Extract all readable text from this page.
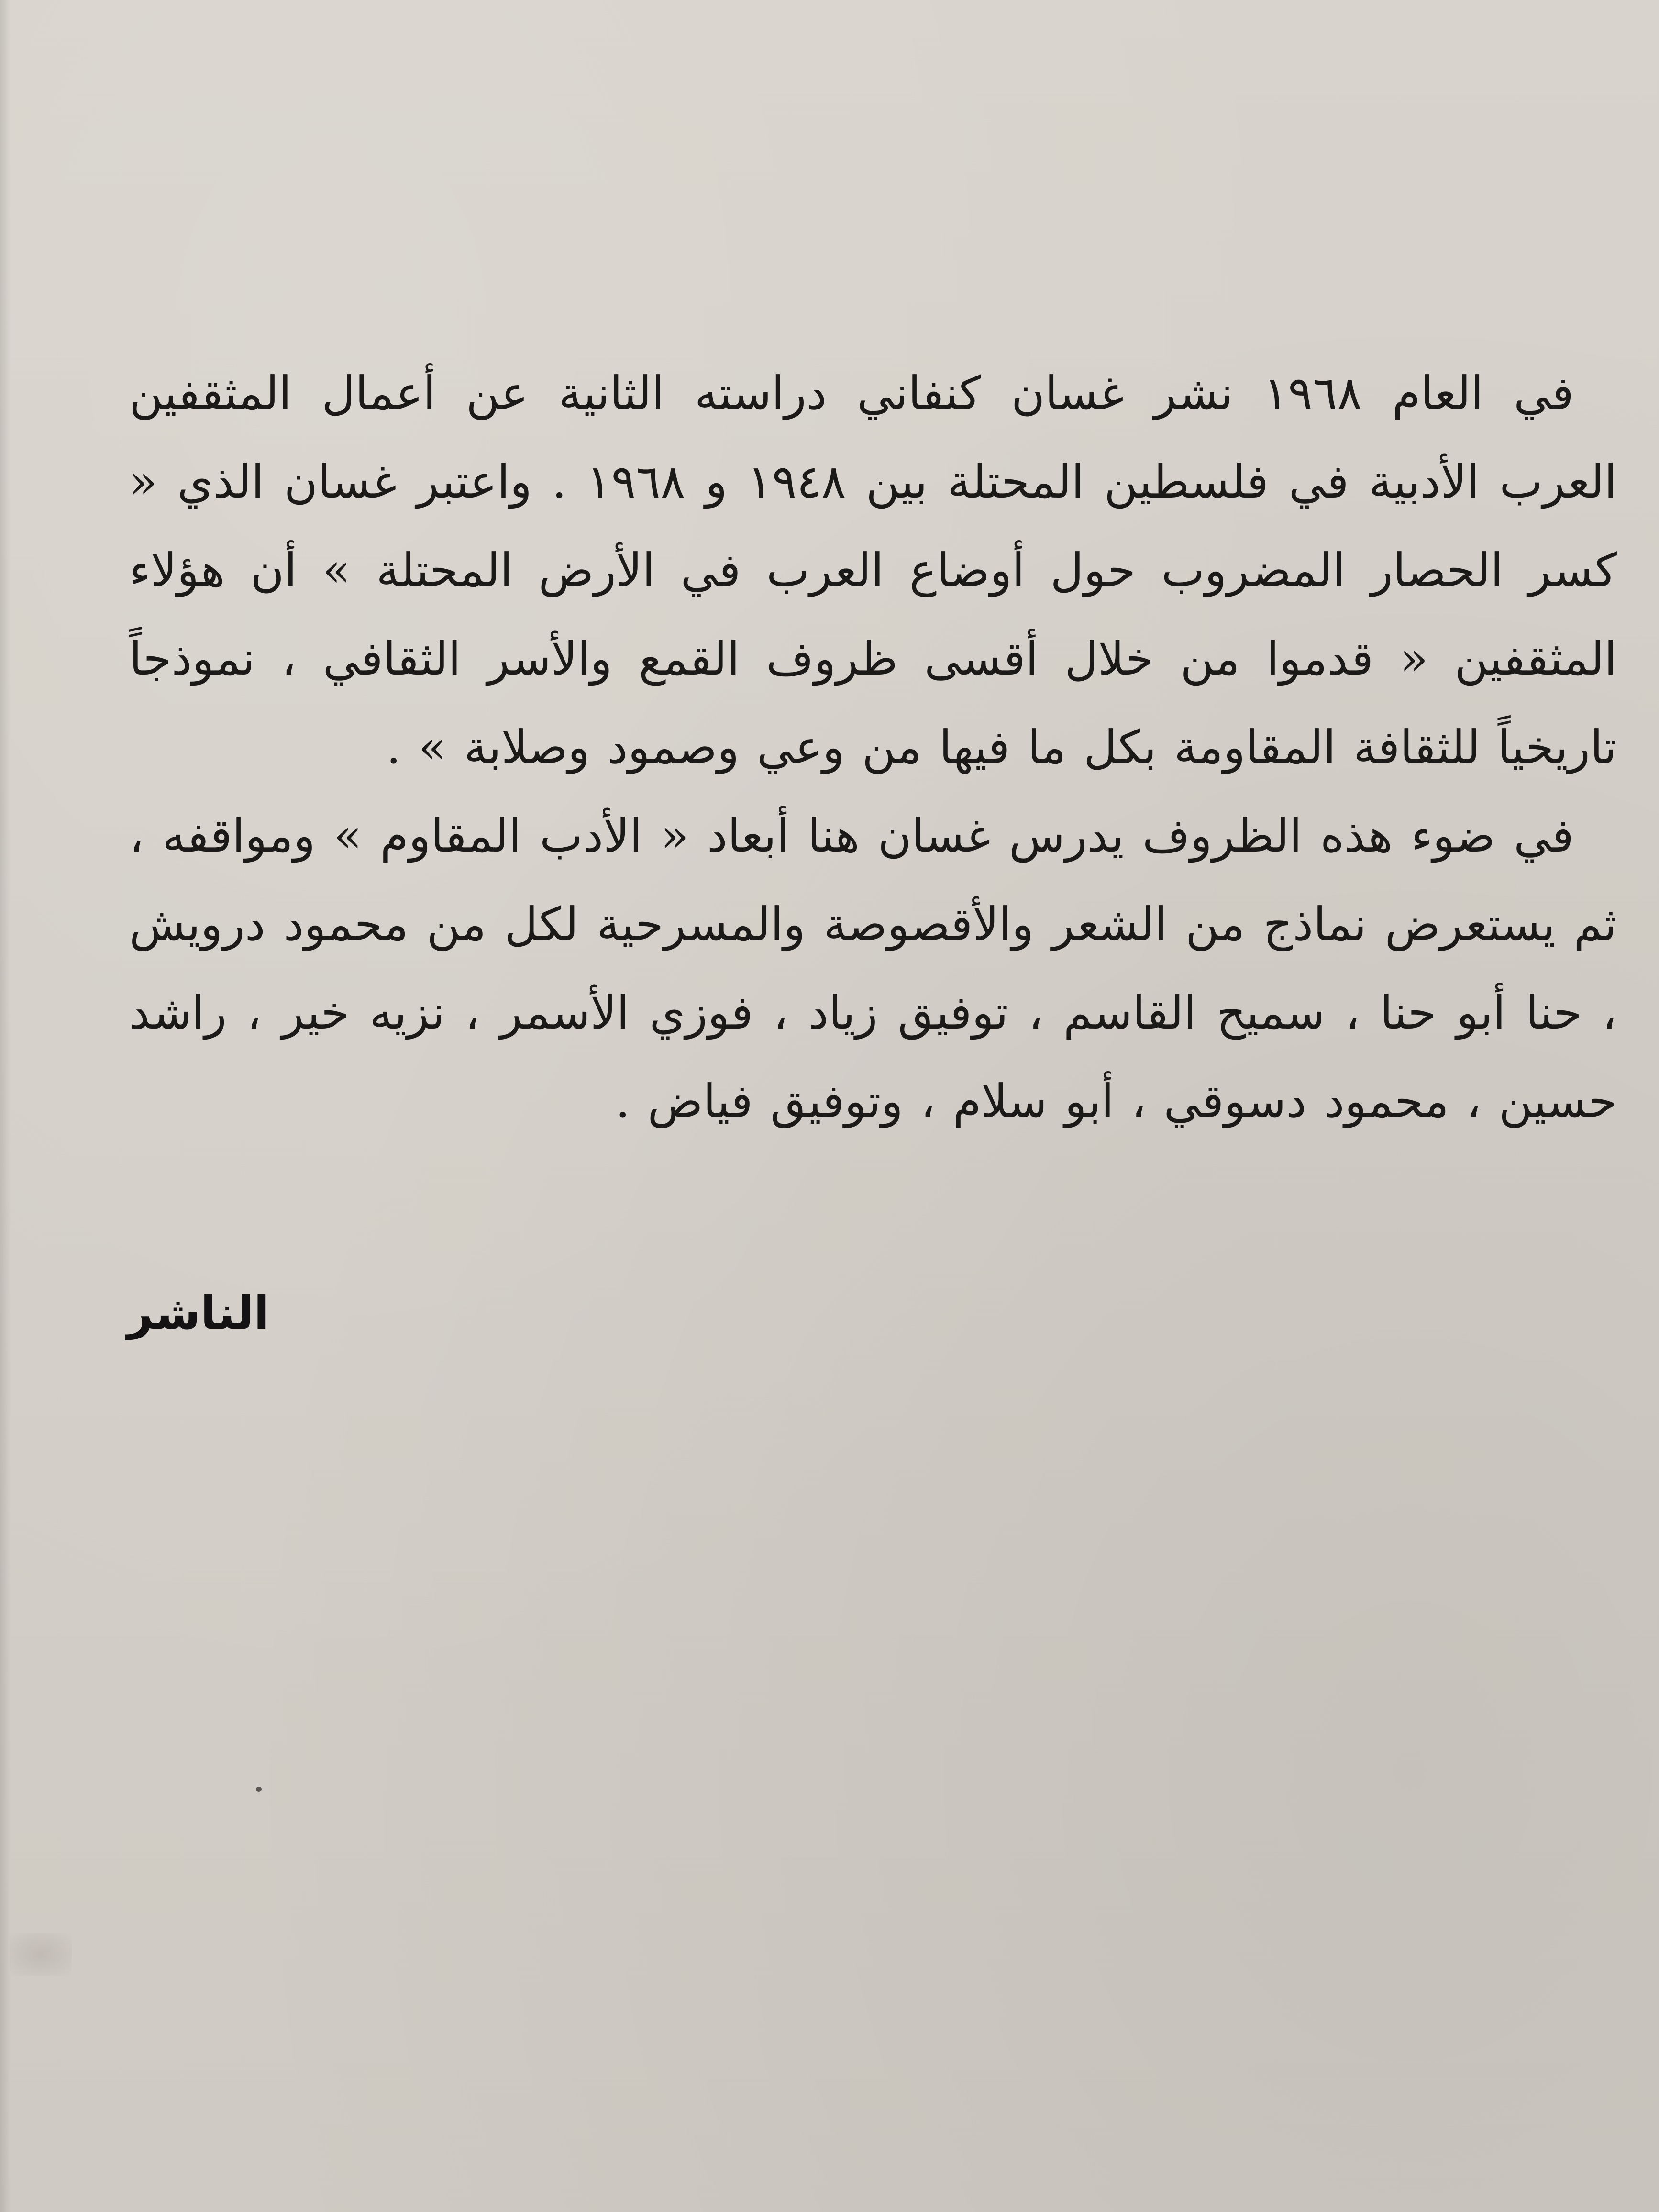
في العام ١٩٦٨ نشر غسان كنفاني دراسته الثانية عن أعمال المثقفين العرب الأدبية في فلسطين المحتلة بين ١٩٤٨ و ١٩٦٨ . واعتبر غسان الذي « كسر الحصار المضروب حول أوضاع العرب في الأرض المحتلة » أن هؤلاء المثقفين « قدموا من خلال أقسى ظروف القمع والأسر الثقافي ، نموذجاً تاريخياً للثقافة المقاومة بكل ما فيها من وعي وصمود وصلابة » .

في ضوء هذه الظروف يدرس غسان هنا أبعاد « الأدب المقاوم » ومواقفه ، ثم يستعرض نماذج من الشعر والأقصوصة والمسرحية لكل من محمود درويش ، حنا أبو حنا ، سميح القاسم ، توفيق زياد ، فوزي الأسمر ، نزيه خير ، راشد حسين ، محمود دسوقي ، أبو سلام ، وتوفيق فياض .

الناشر
